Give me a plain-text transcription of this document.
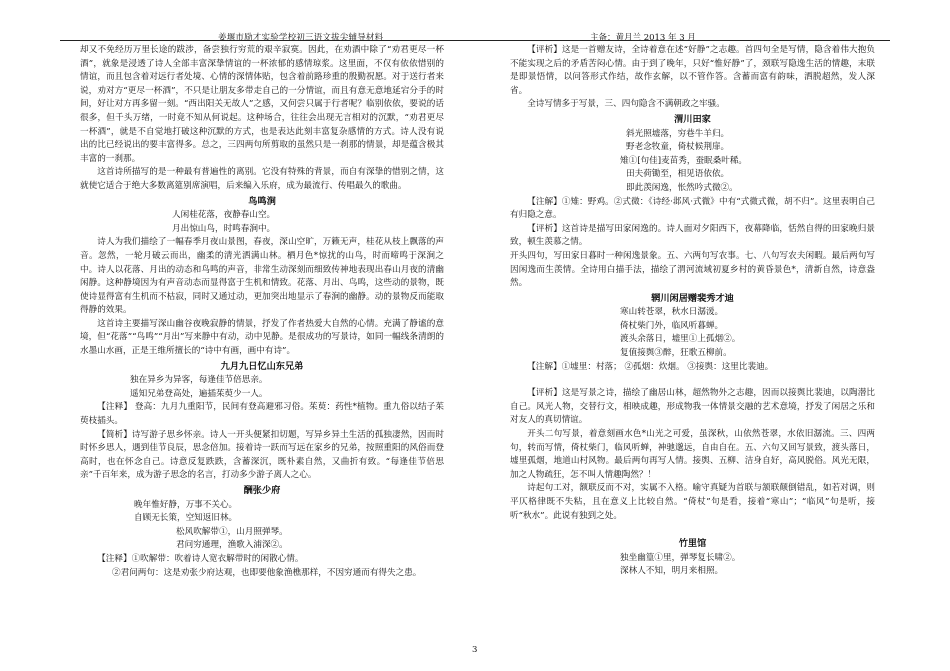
姜堰市励才实验学校初三语文拔尖辅导材料	主备：黄月兰 2013 年 3 月

却又不免经历万里长途的跋涉，备尝独行穷荒的艰辛寂寞。因此，在劝酒中除了“劝君更尽一杯酒”，就象是浸透了诗人全部丰富深挚情谊的一杯浓郁的感情琼浆。这里面，不仅有依依惜别的情谊，而且包含着对远行者处境、心情的深情体贴，包含着前路珍重的殷勤祝愿。对于送行者来说，劝对方“更尽一杯酒”，不只是让朋友多带走自己的一分情谊，而且有意无意地延宕分手的时间，好让对方再多留一刻。“西出阳关无故人”之感，又何尝只属于行者呢？临别依依，要说的话很多，但千头万绪，一时竟不知从何说起。这种场合，往往会出现无言相对的沉默，“劝君更尽一杯酒”，就是不自觉地打破这种沉默的方式，也是表达此刻丰富复杂感情的方式。诗人没有说出的比已经说出的要丰富得多。总之，三四两句所剪取的虽然只是一刹那的情景，却是蕴含极其丰富的一刹那。

这首诗所描写的是一种最有普遍性的离别。它没有特殊的背景，而自有深挚的惜别之情，这就使它适合于绝大多数离筵别席演唱，后来编入乐府，成为最流行、传唱最久的歌曲。

鸟鸣涧

人闲桂花落，夜静春山空。

月出惊山鸟，时鸣春涧中。

诗人为我们描绘了一幅春季月夜山景图，春夜，深山空旷，万籁无声，桂花从枝上飘落的声音。忽然，一轮月破云而出，幽柔的清光洒满山林。栖月色*惊扰的山鸟，时而啼鸣于深涧之中。诗人以花落、月出的动态和鸟鸣的声音，非常生动深刻而细致传神地表现出春山月夜的清幽闲静。这种静境因为有声音动态而显得富于生机和情致。花落、月出、鸟鸣，这些动的景物，既使诗显得富有生机而不枯寂，同时又通过动，更加突出地显示了春涧的幽静。动的景物反而能取得静的效果。

这首诗主要描写深山幽谷夜晚寂静的情景，抒发了作者热爱大自然的心情。充满了静谧的意境，但“花落”“鸟鸣”“月出”写来静中有动，动中见静。是很成功的写景诗，如同一幅线条清朗的水墨山水画，正是王维所擅长的“诗中有画，画中有诗”。

九月九日忆山东兄弟

独在异乡为异客，每逢佳节倍思亲。

遥知兄弟登高处，遍插茱萸少一人。

【注释】 登高：九月九重阳节，民间有登高避邪习俗。茱萸：药性*植物。重九俗以结子茱萸枝插头。

【简析】诗写游子思乡怀亲。诗人一开头便紧扣切题，写异乡异土生活的孤独凄然，因而时时怀乡思人，遇到佳节良辰，思念倍加。接着诗一跃而写远在家乡的兄弟，按照重阳的风俗而登高时，也在怀念自己。诗意反复跌跌，含蓄深沉，既朴素自然，又曲折有致。“每逢佳节倍思亲”千百年来，成为游子思念的名言，打动多少游子离人之心。

酬张少府

晚年惟好静，万事不关心。

自顾无长策，空知返旧林。

松风吹解带①，山月照弹琴。

君问穷通理，渔歌入浦深②。

【注释】①吹解带：吹着诗人宽衣解带时的闲散心情。

②君问两句：这是劝张少府达观，也即要他象渔樵那样，不因穷通而有得失之患。

【评析】这是一首赠友诗，全诗着意在述“好静”之志趣。首四句全是写情，隐含着伟大抱负不能实现之后的矛盾苦闷心情。由于到了晚年，只好“惟好静”了，颈联写隐逸生活的情趣，末联是即景悟情，以问答形式作结，故作玄解，以不管作答。含蓄而富有韵味，洒脱超然，发人深省。

全诗写情多于写景，三、四句隐含不满朝政之牢骚。

渭川田家

斜光照墟落，穷巷牛羊归。

野老念牧童，倚杖候荆扉。

雉①[句佳]麦苗秀，蚕眠桑叶稀。

田夫荷锄至，相见语依依。

即此羡闲逸，怅然吟式微②。

【注解】①雉：野鸡。②式微：《诗经·邶风·式微》中有“式微式微，胡不归”。这里表明自己有归隐之意。

【评析】这首诗是描写田家闲逸的。诗人面对夕阳西下，夜幕降临，恬然自得的田家晚归景致，顿生羡慕之情。

开头四句，写田家日暮时一种闲逸景象。五、六两句写农事。七、八句写农夫闲暇。最后两句写因闲逸而生羡情。全诗用白描手法，描绘了渭河流域初夏乡村的黄昏景色*，清新自然，诗意盎然。

辋川闲居赠裴秀才迪

寒山转苍翠，秋水日潺湲。

倚杖柴门外，临风听暮蝉。

渡头余落日，墟里①上孤烟②。

复值接舆③醉，狂歌五柳前。

【注解】①墟里：村落； ②孤烟：炊烟。 ③接舆：这里比裴迪。

【评析】这是写景之诗，描绘了幽居山林，超然物外之志趣，因而以接舆比裴迪，以陶潜比自己。风光人物，交替行文，相映成趣，形成物我一体情景交融的艺术意境，抒发了闲居之乐和对友人的真切情谊。

开头二句写景，着意刻画水色*山光之可爱，虽深秋，山依然苍翠，水依旧潺流。三、四两句，转而写情，倚杖柴门，临风听蝉，神驰邈远，自由自在。五、六句又回写景致，渡头落日，墟里孤烟，地道山村风物。最后两句再写人情。接舆、五柳、洁身自好，高风脱俗。风光无限，加之人物疏狂，怎不叫人情趣陶然？！

诗起句工对，额联反而不对，实属不入格。喻守真疑为首联与颔联颠倒错乱，如若对调，则平仄格律既不失粘，且在意义上比较自然。“倚杖”句是看，接着“寒山”；“临风”句是听，接听“秋水”。此说有独到之处。

竹里馆

独坐幽篁①里，弹琴复长啸②。

深林人不知，明月来相照。

3
